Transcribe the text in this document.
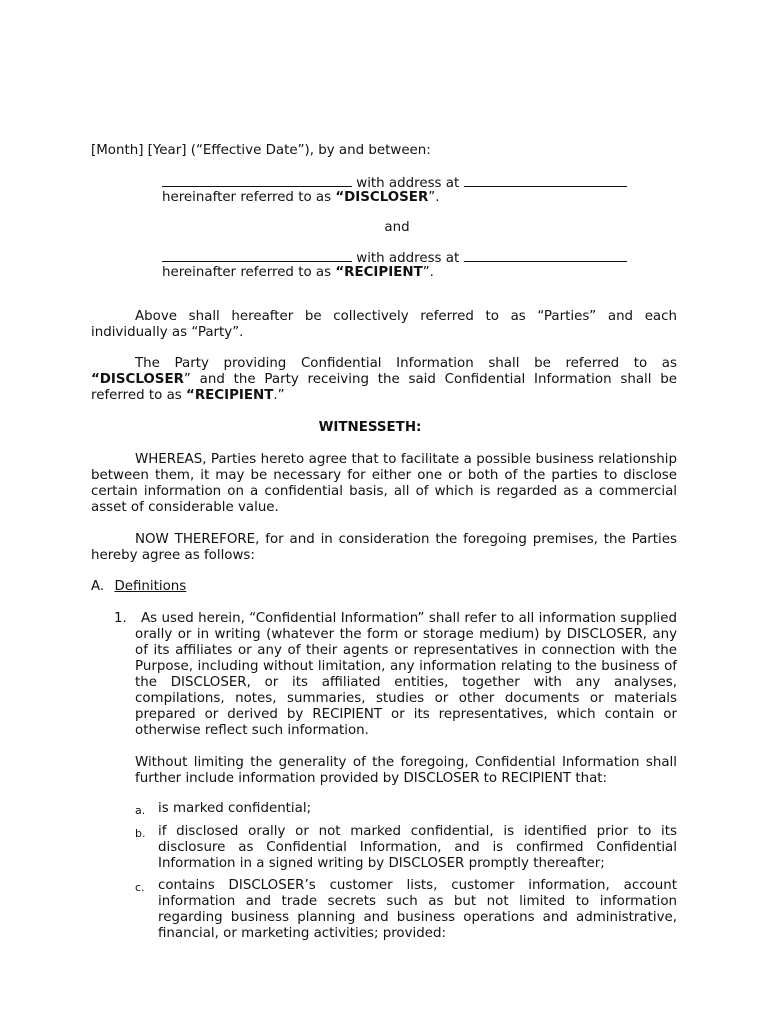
[Month] [Year] (“Effective Date”), by and between:
with address at
hereinafter referred to as “DISCLOSER”.
and
with address at
hereinafter referred to as “RECIPIENT”.
Above shall hereafter be collectively referred to as “Parties” and each individually as “Party”.
The Party providing Confidential Information shall be referred to as “DISCLOSER” and the Party receiving the said Confidential Information shall be referred to as “RECIPIENT.”
WITNESSETH:
WHEREAS, Parties hereto agree that to facilitate a possible business relationship between them, it may be necessary for either one or both of the parties to disclose certain information on a confidential basis, all of which is regarded as a commercial asset of considerable value.
NOW THEREFORE, for and in consideration the foregoing premises, the Parties hereby agree as follows:
A. Definitions
1.	As used herein, “Confidential Information” shall refer to all information supplied orally or in writing (whatever the form or storage medium) by DISCLOSER, any of its affiliates or any of their agents or representatives in connection with the Purpose, including without limitation, any information relating to the business of the DISCLOSER, or its affiliated entities, together with any analyses, compilations, notes, summaries, studies or other documents or materials prepared or derived by RECIPIENT or its representatives, which contain or otherwise reflect such information.
Without limiting the generality of the foregoing, Confidential Information shall further include information provided by DISCLOSER to RECIPIENT that:
a. is marked confidential;
b. if disclosed orally or not marked confidential, is identified prior to its disclosure as Confidential Information, and is confirmed Confidential Information in a signed writing by DISCLOSER promptly thereafter;
c. contains DISCLOSER’s customer lists, customer information, account information and trade secrets such as but not limited to information regarding business planning and business operations and administrative, financial, or marketing activities; provided:
